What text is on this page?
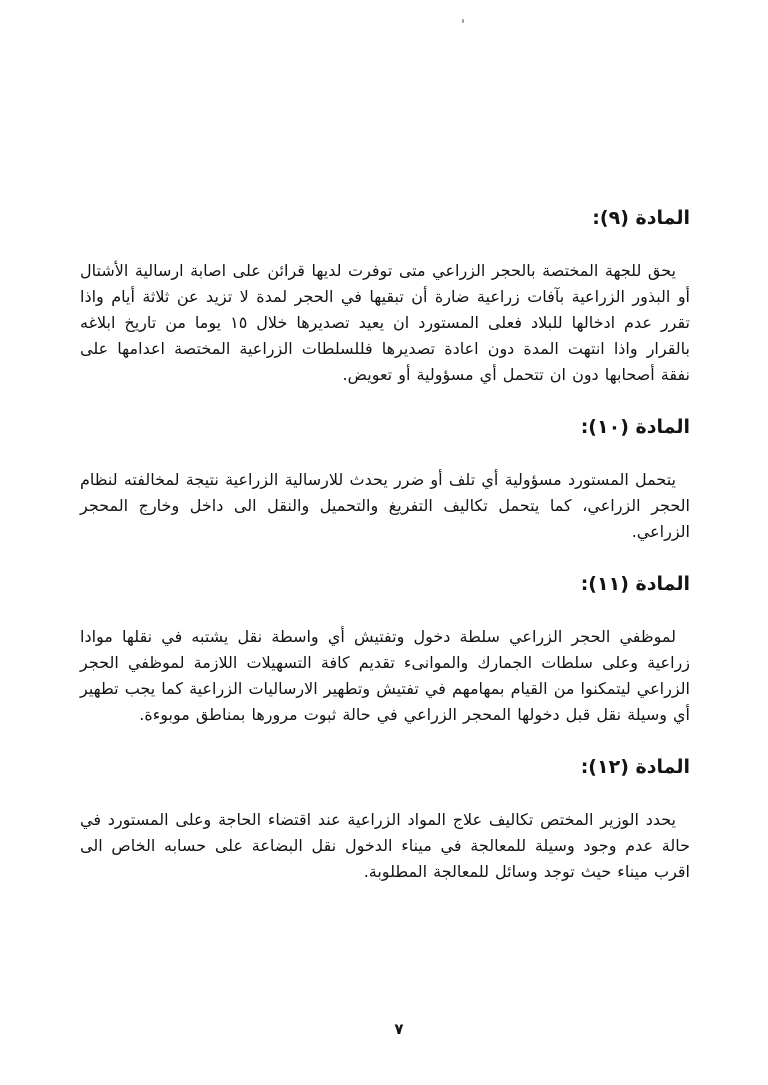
المادة (٩):
يحق للجهة المختصة بالحجر الزراعي متى توفرت لديها قرائن على اصابة ارسالية الأشتال أو البذور الزراعية بآفات زراعية ضارة أن تبقيها في الحجر لمدة لا تزيد عن ثلاثة أيام واذا تقرر عدم ادخالها للبلاد فعلى المستورد ان يعيد تصديرها خلال ١٥ يوما من تاريخ ابلاغه بالقرار واذا انتهت المدة دون اعادة تصديرها فللسلطات الزراعية المختصة اعدامها على نفقة أصحابها دون ان تتحمل أي مسؤولية أو تعويض.
المادة (١٠):
يتحمل المستورد مسؤولية أي تلف أو ضرر يحدث للارسالية الزراعية نتيجة لمخالفته لنظام الحجر الزراعي، كما يتحمل تكاليف التفريغ والتحميل والنقل الى داخل وخارج المحجر الزراعي.
المادة (١١):
لموظفي الحجر الزراعي سلطة دخول وتفتيش أي واسطة نقل يشتبه في نقلها موادا زراعية وعلى سلطات الجمارك والموانىء تقديم كافة التسهيلات اللازمة لموظفي الحجر الزراعي ليتمكنوا من القيام بمهامهم في تفتيش وتطهير الارساليات الزراعية كما يجب تطهير أي وسيلة نقل قبل دخولها المحجر الزراعي في حالة ثبوت مرورها بمناطق موبوءة.
المادة (١٢):
يحدد الوزير المختص تكاليف علاج المواد الزراعية عند اقتضاء الحاجة وعلى المستورد في حالة عدم وجود وسيلة للمعالجة في ميناء الدخول نقل البضاعة على حسابه الخاص الى اقرب ميناء حيث توجد وسائل للمعالجة المطلوبة.
٧
